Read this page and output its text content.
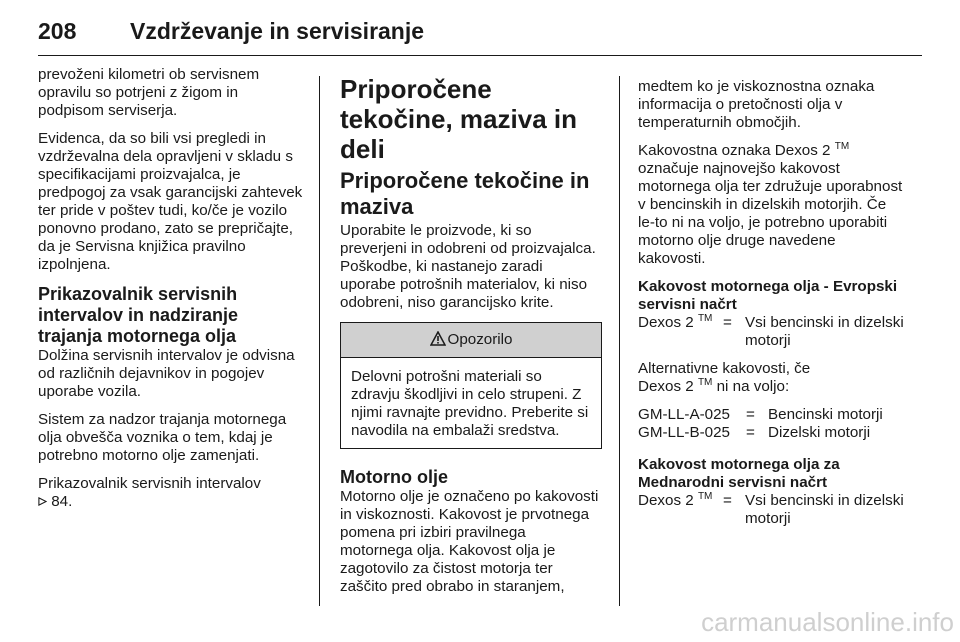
208 Vzdrževanje in servisiranje

prevoženi kilometri ob servisnem opravilu so potrjeni z žigom in podpisom serviserja.

Evidenca, da so bili vsi pregledi in vzdrževalna dela opravljeni v skladu s specifikacijami proizvajalca, je predpogoj za vsak garancijski zahtevek ter pride v poštev tudi, ko/če je vozilo ponovno prodano, zato se prepričajte, da je Servisna knjižica pravilno izpolnjena.

Prikazovalnik servisnih intervalov in nadziranje trajanja motornega olja

Dolžina servisnih intervalov je odvisna od različnih dejavnikov in pogojev uporabe vozila.

Sistem za nadzor trajanja motornega olja obvešča voznika o tem, kdaj je potrebno motorno olje zamenjati.

Prikazovalnik servisnih intervalov
84.

Priporočene tekočine, maziva in deli
Priporočene tekočine in maziva

Uporabite le proizvode, ki so preverjeni in odobreni od proizvajalca. Poškodbe, ki nastanejo zaradi uporabe potrošnih materialov, ki niso odobreni, niso garancijsko krite.

Opozorilo
Delovni potrošni materiali so zdravju škodljivi in celo strupeni. Z njimi ravnajte previdno. Preberite si navodila na embalaži sredstva.
Motorno olje

Motorno olje je označeno po kakovosti in viskoznosti. Kakovost je prvotnega pomena pri izbiri pravilnega motornega olja. Kakovost olja je zagotovilo za čistost motorja ter zaščito pred obrabo in staranjem,

medtem ko je viskoznostna oznaka informacija o pretočnosti olja v temperaturnih območjih.

Kakovostna oznaka Dexos 2 ™
označuje najnovejšo kakovost motornega olja ter združuje uporabnost v bencinskih in dizelskih motorjih. Če le-to ni na voljo, je potrebno uporabiti motorno olje druge navedene kakovosti.

Kakovost motornega olja - Evropski servisni načrt
Dexos 2 ™ = Vsi bencinski in dizelski motorji

Alternativne kakovosti, če
Dexos 2 ™ ni na voljo:

GM-LL-A-025	= Bencinski motorji
GM-LL-B-025	= Dizelski motorji
Kakovost motornega olja za Mednarodni servisni načrt
Dexos 2 ™ = Vsi bencinski in dizelski motorji
carmanualsonline.info
